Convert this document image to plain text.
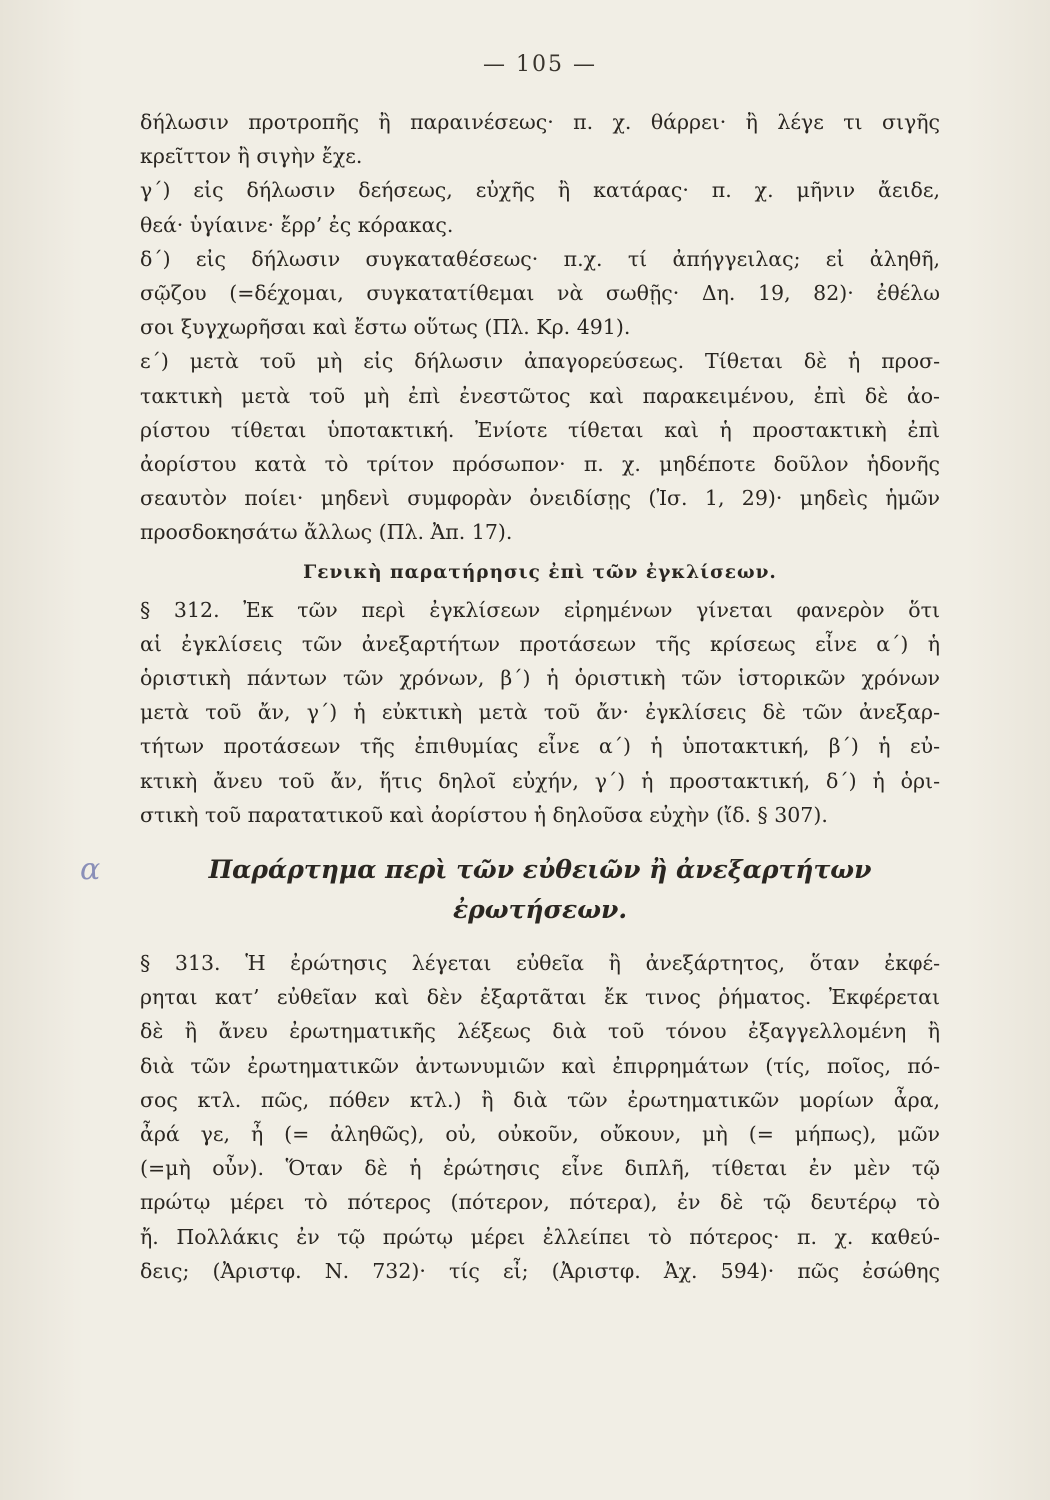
— 105 —
δήλωσιν προτροπῆς ἢ παραινέσεως· π. χ. θάρρει· ἢ λέγε τι σιγῆς
κρεῖττον ἢ σιγὴν ἔχε.
γ΄) εἰς δήλωσιν δεήσεως, εὐχῆς ἢ κατάρας· π. χ. μῆνιν ἄειδε,
θεά· ὑγίαινε· ἔρρ’ ἐς κόρακας.
δ΄) εἰς δήλωσιν συγκαταθέσεως· π.χ. τί ἀπήγγειλας; εἰ ἀληθῆ,
σῷζου (=δέχομαι, συγκατατίθεμαι νὰ σωθῇς· Δη. 19, 82)· ἐθέλω
σοι ξυγχωρῆσαι καὶ ἔστω οὕτως (Πλ. Κρ. 491).
ε΄) μετὰ τοῦ μὴ εἰς δήλωσιν ἀπαγορεύσεως. Τίθεται δὲ ἡ προσ-
τακτικὴ μετὰ τοῦ μὴ ἐπὶ ἐνεστῶτος καὶ παρακειμένου, ἐπὶ δὲ ἀο-
ρίστου τίθεται ὑποτακτική. Ἐνίοτε τίθεται καὶ ἡ προστακτικὴ ἐπὶ
ἀορίστου κατὰ τὸ τρίτον πρόσωπον· π. χ. μηδέποτε δοῦλον ἡδονῆς
σεαυτὸν ποίει· μηδενὶ συμφορὰν ὀνειδίσῃς (Ἰσ. 1, 29)· μηδεὶς ἡμῶν
προσδοκησάτω ἄλλως (Πλ. Ἀπ. 17).
Γενικὴ παρατήρησις ἐπὶ τῶν ἐγκλίσεων.
§ 312. Ἐκ τῶν περὶ ἐγκλίσεων εἰρημένων γίνεται φανερὸν ὅτι
αἱ ἐγκλίσεις τῶν ἀνεξαρτήτων προτάσεων τῆς κρίσεως εἶνε α΄) ἡ
ὁριστικὴ πάντων τῶν χρόνων, β΄) ἡ ὁριστικὴ τῶν ἱστορικῶν χρόνων
μετὰ τοῦ ἄν, γ΄) ἡ εὐκτικὴ μετὰ τοῦ ἄν· ἐγκλίσεις δὲ τῶν ἀνεξαρ-
τήτων προτάσεων τῆς ἐπιθυμίας εἶνε α΄) ἡ ὑποτακτική, β΄) ἡ εὐ-
κτικὴ ἄνευ τοῦ ἄν, ἥτις δηλοῖ εὐχήν, γ΄) ἡ προστακτική, δ΄) ἡ ὁρι-
στικὴ τοῦ παρατατικοῦ καὶ ἀορίστου ἡ δηλοῦσα εὐχὴν (ἴδ. § 307).
α	Παράρτημα περὶ τῶν εὐθειῶν ἢ ἀνεξαρτήτων
ἐρωτήσεων.
§ 313. Ἡ ἐρώτησις λέγεται εὐθεῖα ἢ ἀνεξάρτητος, ὅταν ἐκφέ-
ρηται κατ’ εὐθεῖαν καὶ δὲν ἐξαρτᾶται ἔκ τινος ῥήματος. Ἐκφέρεται
δὲ ἢ ἄνευ ἐρωτηματικῆς λέξεως διὰ τοῦ τόνου ἐξαγγελλομένη ἢ
διὰ τῶν ἐρωτηματικῶν ἀντωνυμιῶν καὶ ἐπιρρημάτων (τίς, ποῖος, πό-
σος κτλ. πῶς, πόθεν κτλ.) ἢ διὰ τῶν ἐρωτηματικῶν μορίων ἆρα,
ἆρά γε, ἦ (= ἀληθῶς), οὐ, οὐκοῦν, οὔκουν, μὴ (= μήπως), μῶν
(=μὴ οὖν). Ὅταν δὲ ἡ ἐρώτησις εἶνε διπλῆ, τίθεται ἐν μὲν τῷ
πρώτῳ μέρει τὸ πότερος (πότερον, πότερα), ἐν δὲ τῷ δευτέρῳ τὸ
ἤ. Πολλάκις ἐν τῷ πρώτῳ μέρει ἐλλείπει τὸ πότερος· π. χ. καθεύ-
δεις; (Ἀριστφ. Ν. 732)· τίς εἶ; (Ἀριστφ. Ἀχ. 594)· πῶς ἐσώθης
